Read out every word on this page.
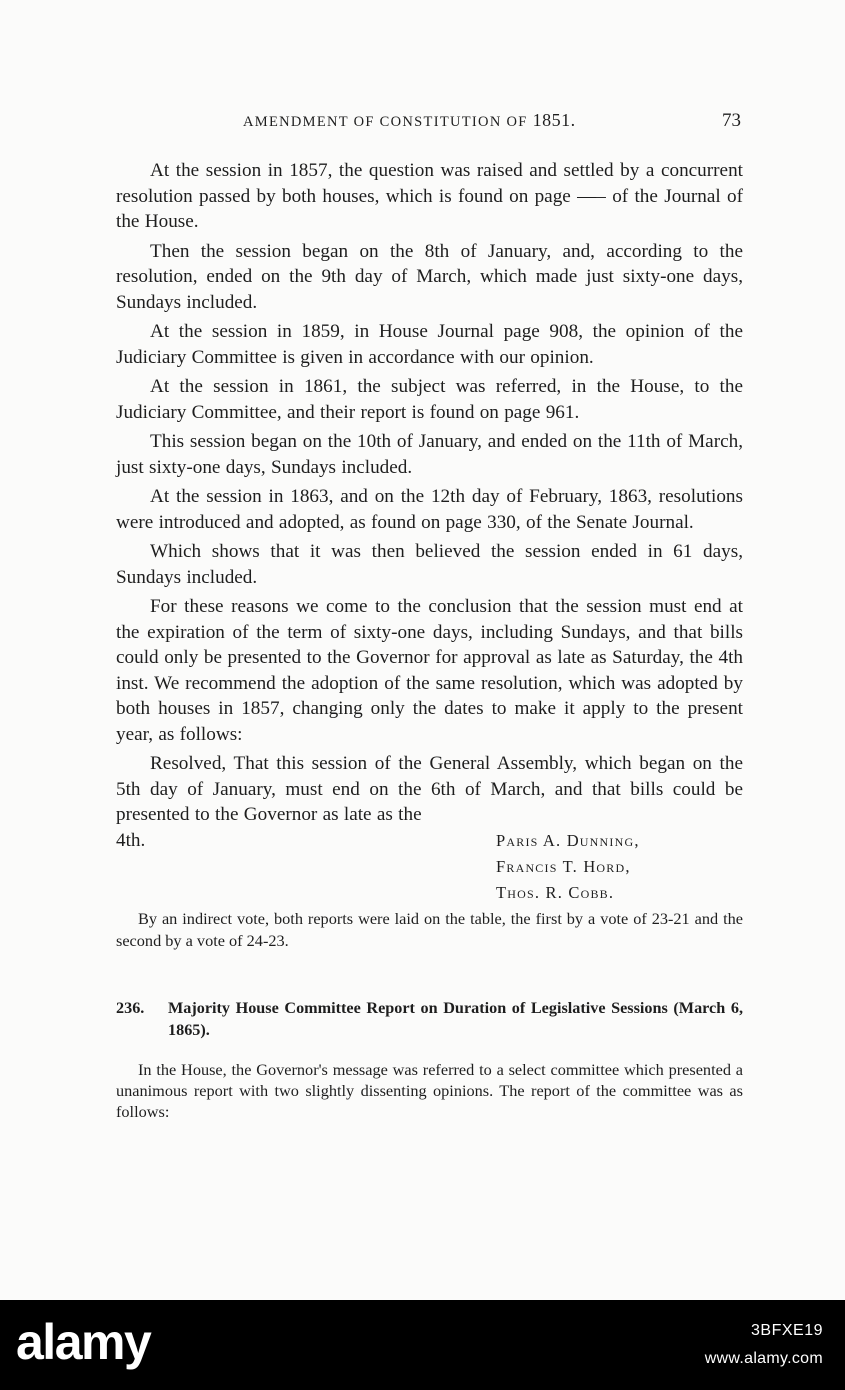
AMENDMENT OF CONSTITUTION OF 1851.	73

At the session in 1857, the question was raised and settled by a concurrent resolution passed by both houses, which is found on page —– of the Journal of the House.

Then the session began on the 8th of January, and, according to the resolution, ended on the 9th day of March, which made just sixty-one days, Sundays included.

At the session in 1859, in House Journal page 908, the opinion of the Judiciary Committee is given in accordance with our opinion.

At the session in 1861, the subject was referred, in the House, to the Judiciary Committee, and their report is found on page 961.

This session began on the 10th of January, and ended on the 11th of March, just sixty-one days, Sundays included.

At the session in 1863, and on the 12th day of February, 1863, resolutions were introduced and adopted, as found on page 330, of the Senate Journal.

Which shows that it was then believed the session ended in 61 days, Sundays included.

For these reasons we come to the conclusion that the session must end at the expiration of the term of sixty-one days, including Sundays, and that bills could only be presented to the Governor for approval as late as Saturday, the 4th inst. We recommend the adoption of the same resolution, which was adopted by both houses in 1857, changing only the dates to make it apply to the present year, as follows:

Resolved, That this session of the General Assembly, which began on the 5th day of January, must end on the 6th of March, and that bills could be presented to the Governor as late as the

4th.	Paris A. Dunning,
Francis T. Hord,
Thos. R. Cobb.

By an indirect vote, both reports were laid on the table, the first by a vote of 23-21 and the second by a vote of 24-23.

236. Majority House Committee Report on Duration of Legislative Sessions (March 6, 1865).

In the House, the Governor's message was referred to a select committee which presented a unanimous report with two slightly dissenting opinions. The report of the committee was as follows:

alamy	3BFXE19
www.alamy.com
